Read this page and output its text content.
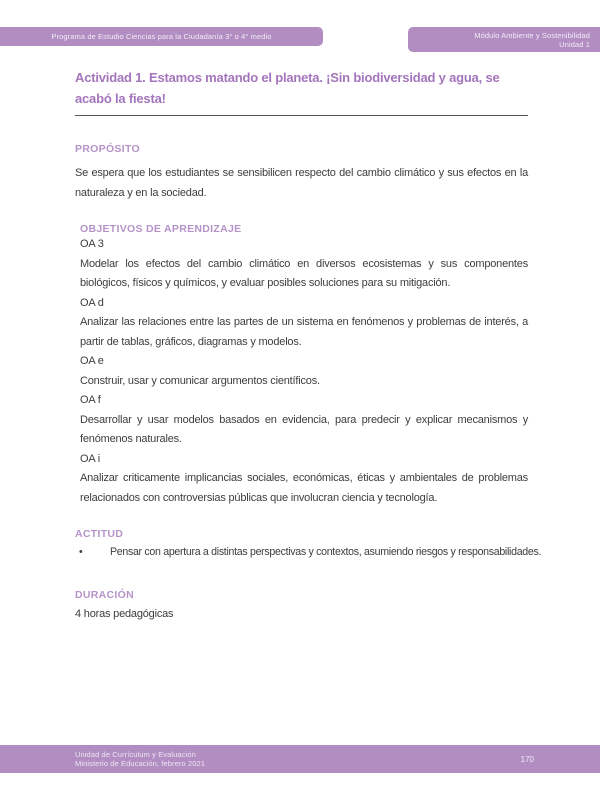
Programa de Estudio Ciencias para la Ciudadanía 3° o 4° medio	Módulo Ambiente y Sostenibilidad
Unidad 1
Actividad 1. Estamos matando el planeta. ¡Sin biodiversidad y agua, se acabó la fiesta!
PROPÓSITO

Se espera que los estudiantes se sensibilicen respecto del cambio climático y sus efectos en la naturaleza y en la sociedad.

OBJETIVOS DE APRENDIZAJE
OA 3

Modelar los efectos del cambio climático en diversos ecosistemas y sus componentes biológicos, físicos y químicos, y evaluar posibles soluciones para su mitigación.

OA d

Analizar las relaciones entre las partes de un sistema en fenómenos y problemas de interés, a partir de tablas, gráficos, diagramas y modelos.

OA e

Construir, usar y comunicar argumentos científicos.

OA f

Desarrollar y usar modelos basados en evidencia, para predecir y explicar mecanismos y fenómenos naturales.

OA i

Analizar criticamente implicancias sociales, económicas, éticas y ambientales de problemas relacionados con controversias públicas que involucran ciencia y tecnología.

ACTITUD
•	Pensar con apertura a distintas perspectivas y contextos, asumiendo riesgos y responsabilidades.
DURACIÓN

4 horas pedagógicas

Unidad de Currículum y Evaluación
Ministerio de Educación, febrero 2021	170
